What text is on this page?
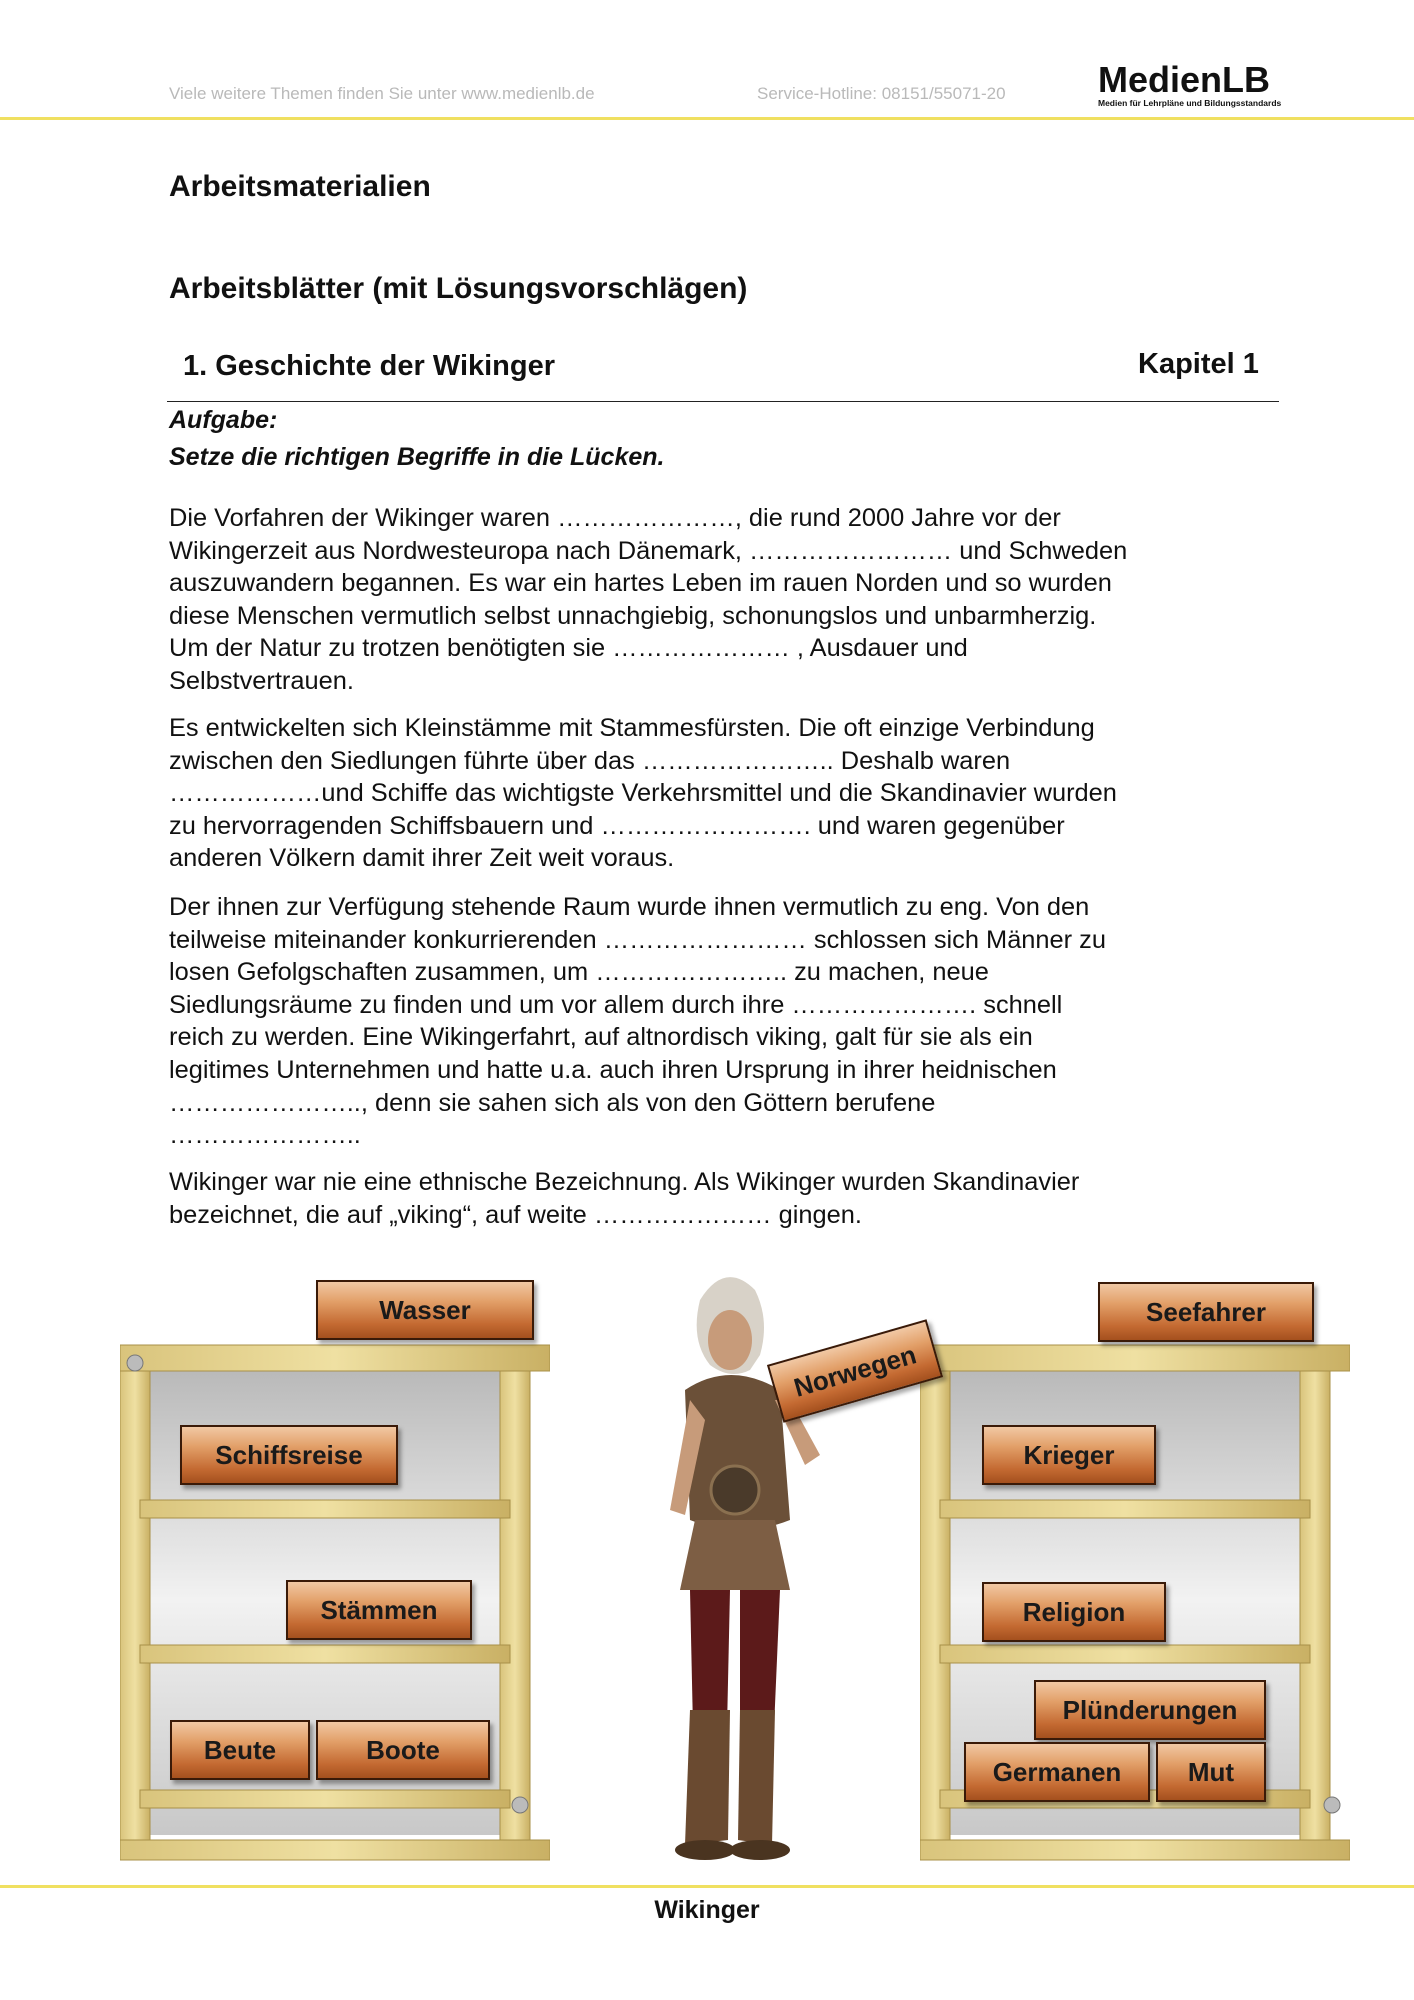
Viele weitere Themen finden Sie unter www.medienlb.de	Service-Hotline: 08151/55071-20	MedienLB
Medien für Lehrpläne und Bildungsstandards
Arbeitsmaterialien
Arbeitsblätter (mit Lösungsvorschlägen)
1. Geschichte der Wikinger	Kapitel 1
Aufgabe:
Setze die richtigen Begriffe in die Lücken.
Die Vorfahren der Wikinger waren …………………, die rund 2000 Jahre vor der
Wikingerzeit aus Nordwesteuropa nach Dänemark, …………………… und Schweden
auszuwandern begannen. Es war ein hartes Leben im rauen Norden und so wurden
diese Menschen vermutlich selbst unnachgiebig, schonungslos und unbarmherzig.
Um der Natur zu trotzen benötigten sie ………………… , Ausdauer und
Selbstvertrauen.
Es entwickelten sich Kleinstämme mit Stammesfürsten. Die oft einzige Verbindung
zwischen den Siedlungen führte über das ………………….. Deshalb waren
………………und Schiffe das wichtigste Verkehrsmittel und die Skandinavier wurden
zu hervorragenden Schiffsbauern und ……………………. und waren gegenüber
anderen Völkern damit ihrer Zeit weit voraus.
Der ihnen zur Verfügung stehende Raum wurde ihnen vermutlich zu eng. Von den
teilweise miteinander konkurrierenden …………………… schlossen sich Männer zu
losen Gefolgschaften zusammen, um ………………….. zu machen, neue
Siedlungsräume zu finden und um vor allem durch ihre …………………. schnell
reich zu werden. Eine Wikingerfahrt, auf altnordisch viking, galt für sie als ein
legitimes Unternehmen und hatte u.a. auch ihren Ursprung in ihrer heidnischen
………………….., denn sie sahen sich als von den Göttern berufene
…………………..
Wikinger war nie eine ethnische Bezeichnung. Als Wikinger wurden Skandinavier
bezeichnet, die auf „viking“, auf weite ………………… gingen.
Wasser
Schiffsreise
Stämmen
Beute	Boote
Norwegen
Seefahrer
Krieger
Religion
Plünderungen
Germanen	Mut
Wikinger
